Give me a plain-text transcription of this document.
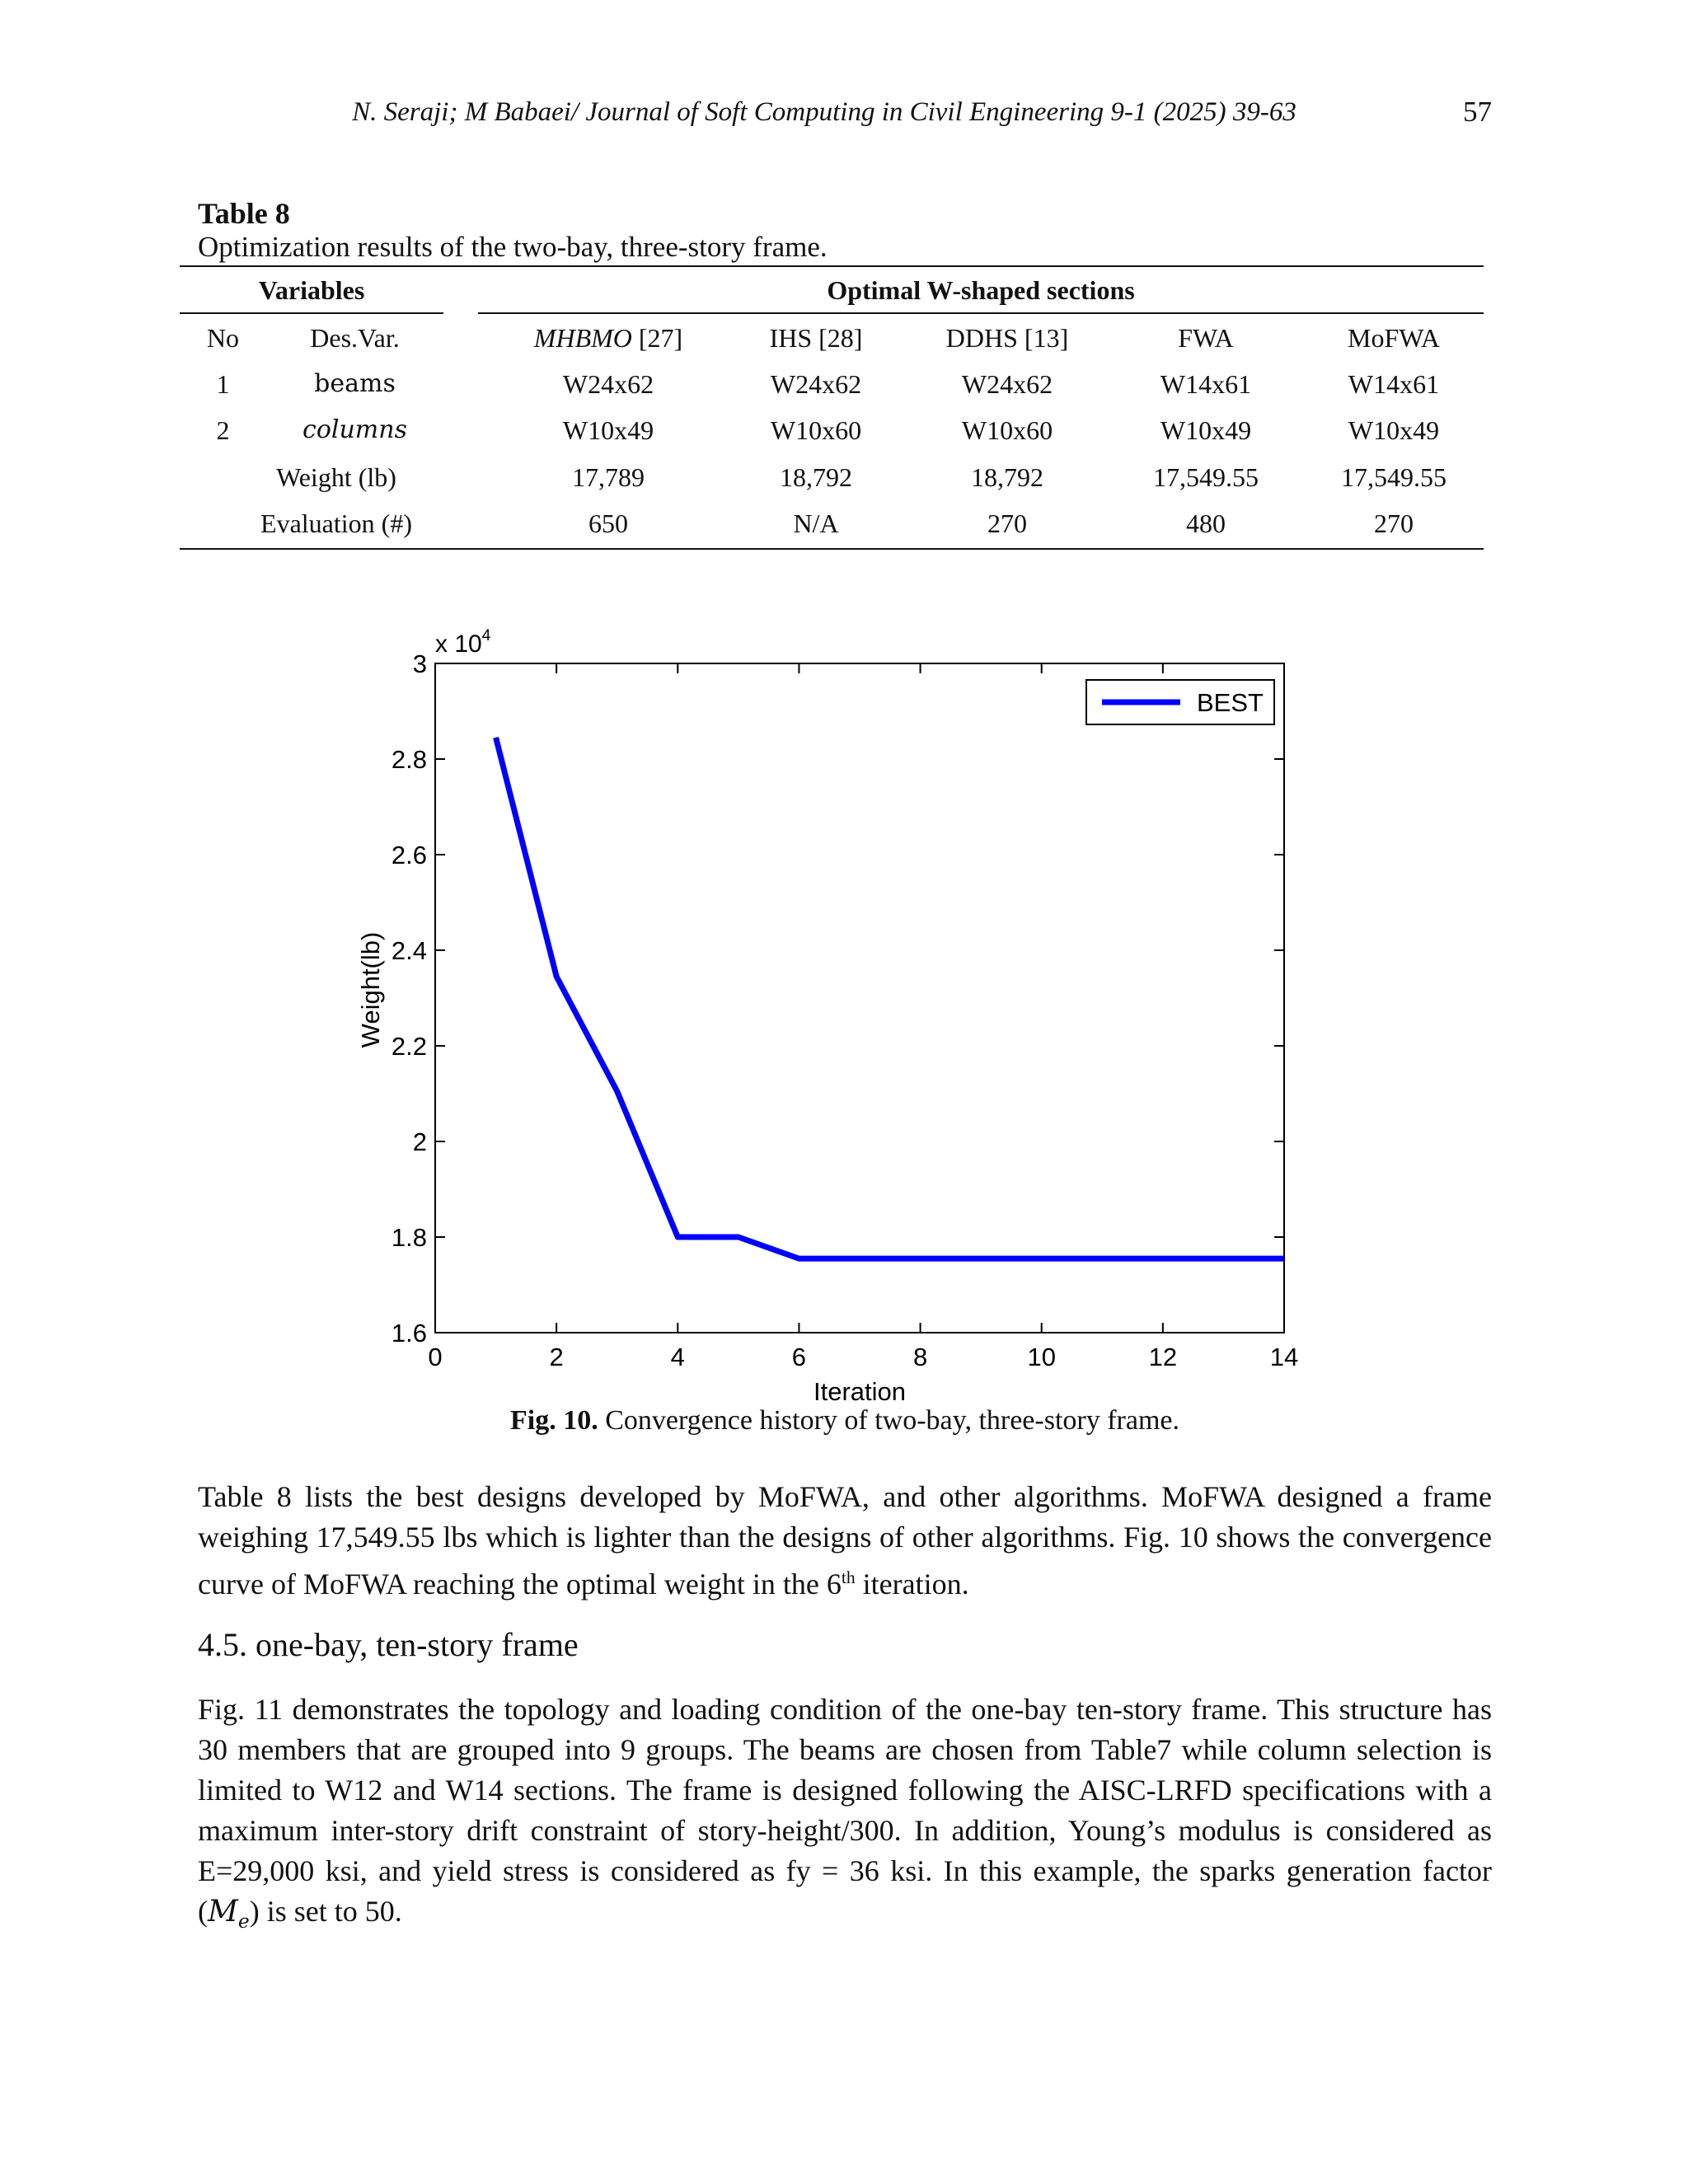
N. Seraji; M Babaei/ Journal of Soft Computing in Civil Engineering 9-1 (2025) 39-63	57
Table 8
Optimization results of the two-bay, three-story frame.
Variables	Optimal W-shaped sections
No	Des.Var.	MHBMO [27]	IHS [28]	DDHS [13]	FWA	MoFWA
1	beams	W24x62	W24x62	W24x62	W14x61	W14x61
2	columns	W10x49	W10x60	W10x60	W10x49	W10x49
Weight (lb)	17,789	18,792	18,792	17,549.55	17,549.55
Evaluation (#)	650	N/A	270	480	270
0	2	4	6	8	10	12	14
1.6
1.8
2
2.2
2.4
2.6
2.8
3
x $10^4$
Iteration
Weight(lb)
BEST
Fig. 10. Convergence history of two-bay, three-story frame.
Table 8 lists the best designs developed by MoFWA, and other algorithms. MoFWA designed a frame weighing 17,549.55 lbs which is lighter than the designs of other algorithms. Fig. 10 shows the convergence curve of MoFWA reaching the optimal weight in the 6th iteration.
4.5. one-bay, ten-story frame
Fig. 11 demonstrates the topology and loading condition of the one-bay ten-story frame. This structure has 30 members that are grouped into 9 groups. The beams are chosen from Table7 while column selection is limited to W12 and W14 sections. The frame is designed following the AISC-LRFD specifications with a maximum inter-story drift constraint of story-height/300. In addition, Young’s modulus is considered as E=29,000 ksi, and yield stress is considered as fy = 36 ksi. In this example, the sparks generation factor $(M_e)$ is set to 50.
